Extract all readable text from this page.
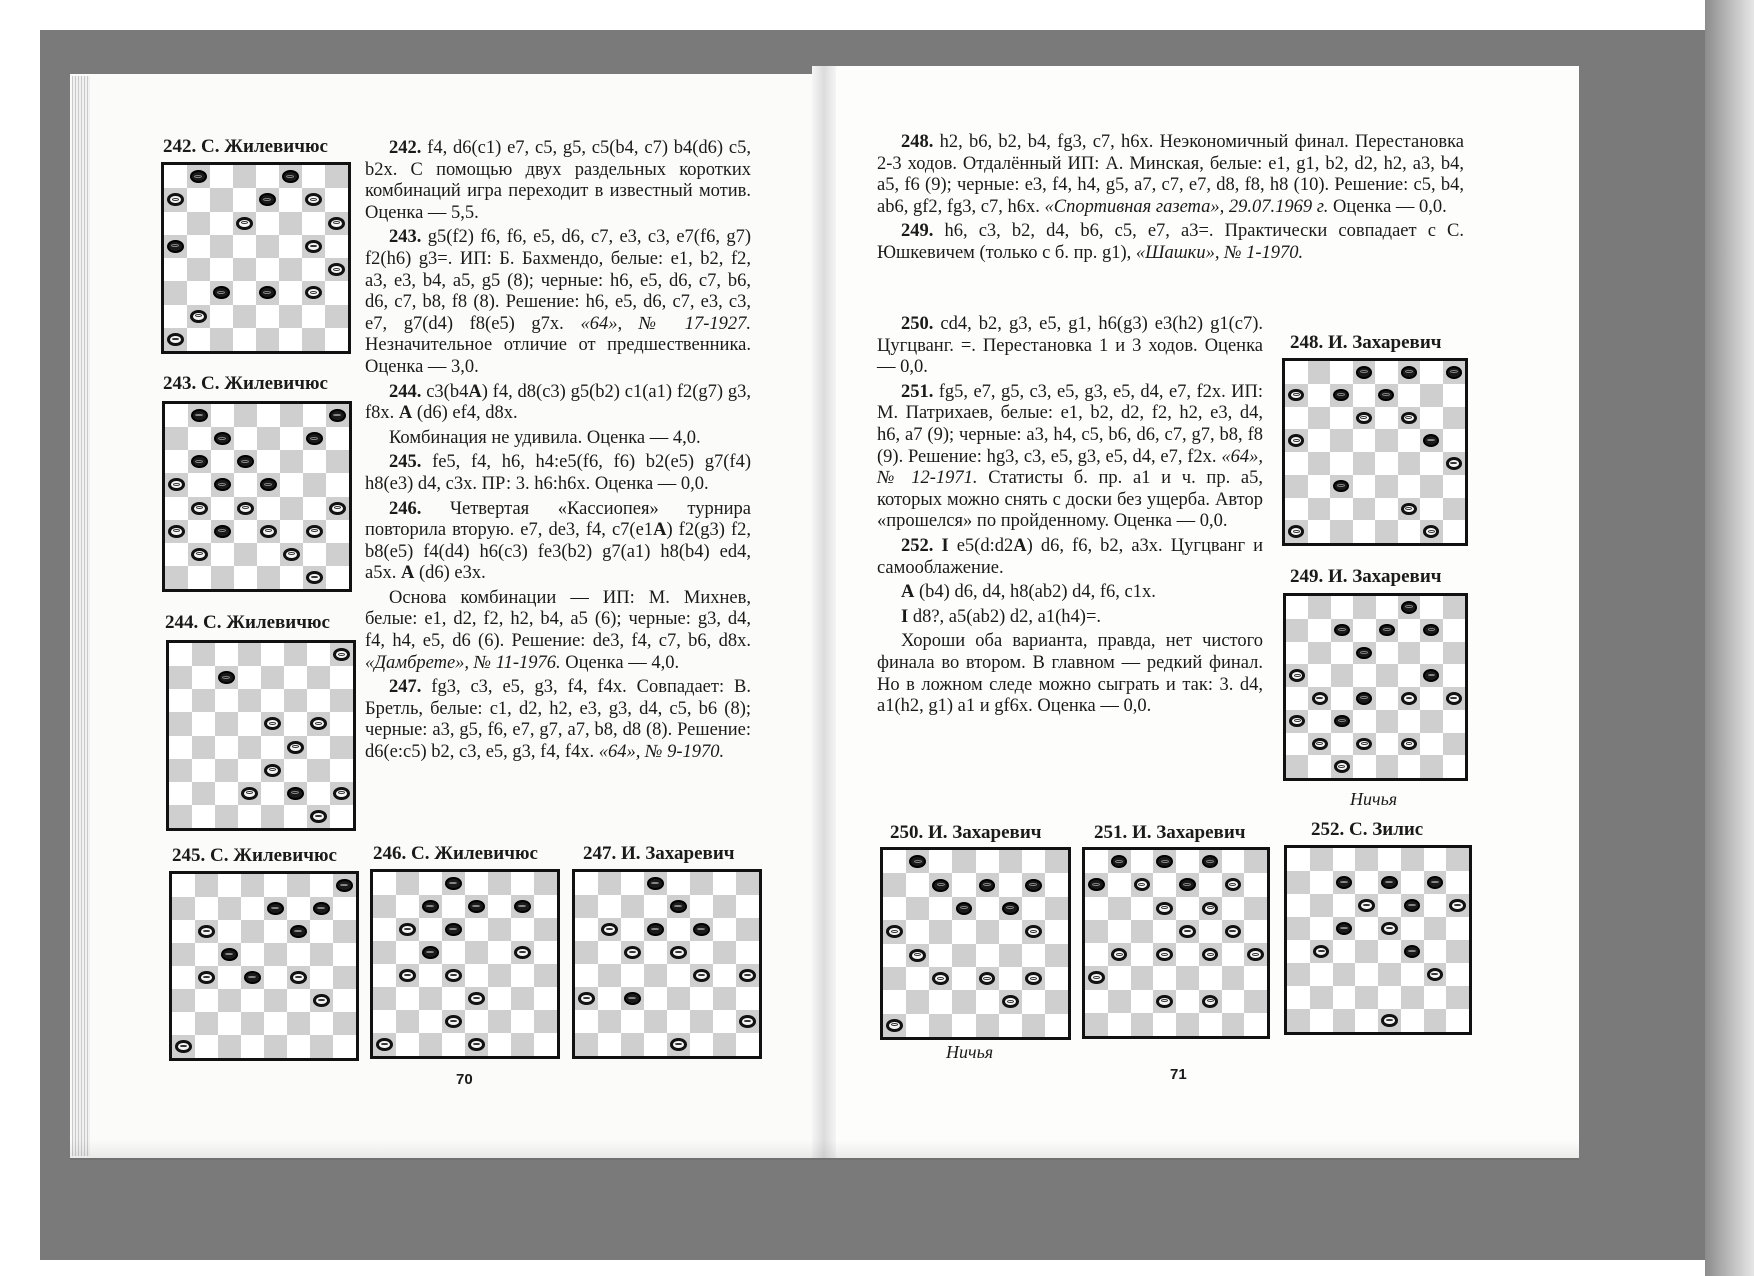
242. С. Жилевичюс
243. С. Жилевичюс
244. С. Жилевичюс
245. С. Жилевичюс 246. С. Жилевичюс 247. И. Захаревич
70

242. f4, d6(c1) e7, c5, g5, c5(b4, c7) b4(d6) c5, b2x. С помощью двух раздельных коротких комбинаций игра переходит в известный мотив. Оценка — 5,5.

243. g5(f2) f6, f6, e5, d6, c7, e3, c3, e7(f6, g7) f2(h6) g3=. ИП: Б. Бахмендо, белые: e1, b2, f2, a3, e3, b4, a5, g5 (8); черные: h6, e5, d6, c7, b6, d6, c7, b8, f8 (8). Решение: h6, e5, d6, c7, e3, c3, e7, g7(d4) f8(e5) g7x. «64», № 17-1927. Незначительное отличие от предшественника. Оценка — 3,0.

244. c3(b4A) f4, d8(c3) g5(b2) c1(a1) f2(g7) g3, f8x. A (d6) ef4, d8x.

Комбинация не удивила. Оценка — 4,0.

245. fe5, f4, h6, h4:e5(f6, f6) b2(e5) g7(f4) h8(e3) d4, c3x. ПР: 3. h6:h6x. Оценка — 0,0.

246. Четвертая «Кассиопея» турнира повторила вторую. e7, de3, f4, c7(e1A) f2(g3) f2, b8(e5) f4(d4) h6(c3) fe3(b2) g7(a1) h8(b4) ed4, a5x. A (d6) e3x.

Основа комбинации — ИП: М. Михнев, белые: e1, d2, f2, h2, b4, a5 (6); черные: g3, d4, f4, h4, e5, d6 (6). Решение: de3, f4, c7, b6, d8x. «Дамбрете», № 11-1976. Оценка — 4,0.

247. fg3, c3, e5, g3, f4, f4x. Совпадает: В. Бретль, белые: c1, d2, h2, e3, g3, d4, c5, b6 (8); черные: a3, g5, f6, e7, g7, a7, b8, d8 (8). Решение: d6(e:c5) b2, c3, e5, g3, f4, f4x. «64», № 9-1970.

248. h2, b6, b2, b4, fg3, c7, h6x. Неэкономичный финал. Перестановка 2-3 ходов. Отдалённый ИП: А. Минская, белые: e1, g1, b2, d2, h2, a3, b4, a5, f6 (9); черные: e3, f4, h4, g5, a7, c7, e7, d8, f8, h8 (10). Решение: c5, b4, ab6, gf2, fg3, c7, h6x. «Спортивная газета», 29.07.1969 г. Оценка — 0,0.

249. h6, c3, b2, d4, b6, c5, e7, a3=. Практически совпадает с С. Юшкевичем (только с б. пр. g1), «Шашки», № 1-1970.

250. cd4, b2, g3, e5, g1, h6(g3) e3(h2) g1(c7). Цугцванг. =. Перестановка 1 и 3 ходов. Оценка — 0,0.

251. fg5, e7, g5, c3, e5, g3, e5, d4, e7, f2x. ИП: М. Патрихаев, белые: e1, b2, d2, f2, h2, e3, d4, h6, a7 (9); черные: a3, h4, c5, b6, d6, c7, g7, b8, f8 (9). Решение: hg3, c3, e5, g3, e5, d4, e7, f2x. «64», № 12-1971. Статисты б. пр. a1 и ч. пр. a5, которых можно снять с доски без ущерба. Автор «прошелся» по пройденному. Оценка — 0,0.

252. I e5(d:d2A) d6, f6, b2, a3x. Цугцванг и самооблажение.

A (b4) d6, d4, h8(ab2) d4, f6, c1x.

I d8?, a5(ab2) d2, a1(h4)=.

Хороши оба варианта, правда, нет чистого финала во втором. В главном — редкий финал. Но в ложном следе можно сыграть и так: 3. d4, a1(h2, g1) a1 и gf6x. Оценка — 0,0.

248. И. Захаревич
249. И. Захаревич
Ничья
250. И. Захаревич
Ничья
251. И. Захаревич	252. С. Зилис
71
